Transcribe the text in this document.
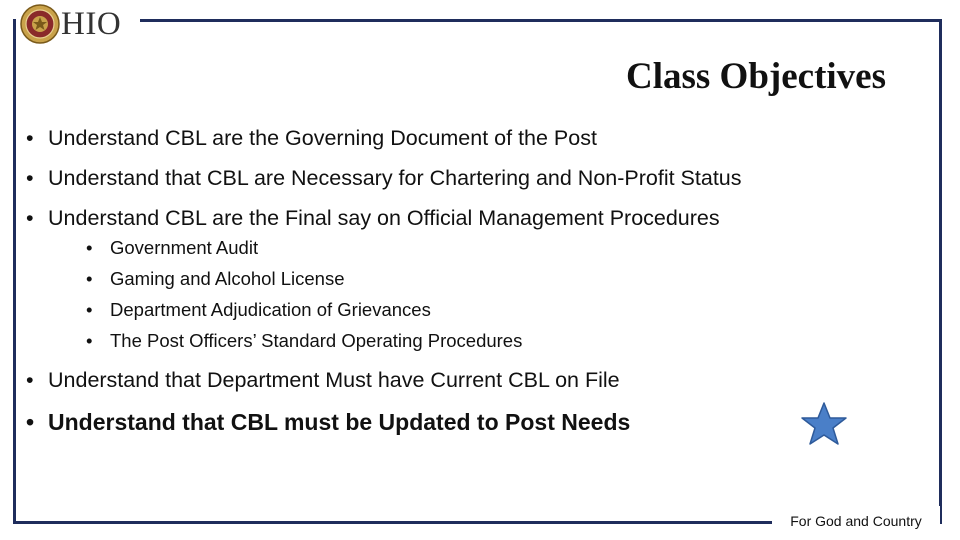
HIO
Class Objectives
• Understand CBL are the Governing Document of the Post
• Understand that CBL are Necessary for Chartering and Non-Profit Status
• Understand CBL are the Final say on Official Management Procedures
• Government Audit
• Gaming and Alcohol License
• Department Adjudication of Grievances
• The Post Officers’ Standard Operating Procedures
• Understand that Department Must have Current CBL on File
• Understand that CBL must be Updated to Post Needs
For God and Country
